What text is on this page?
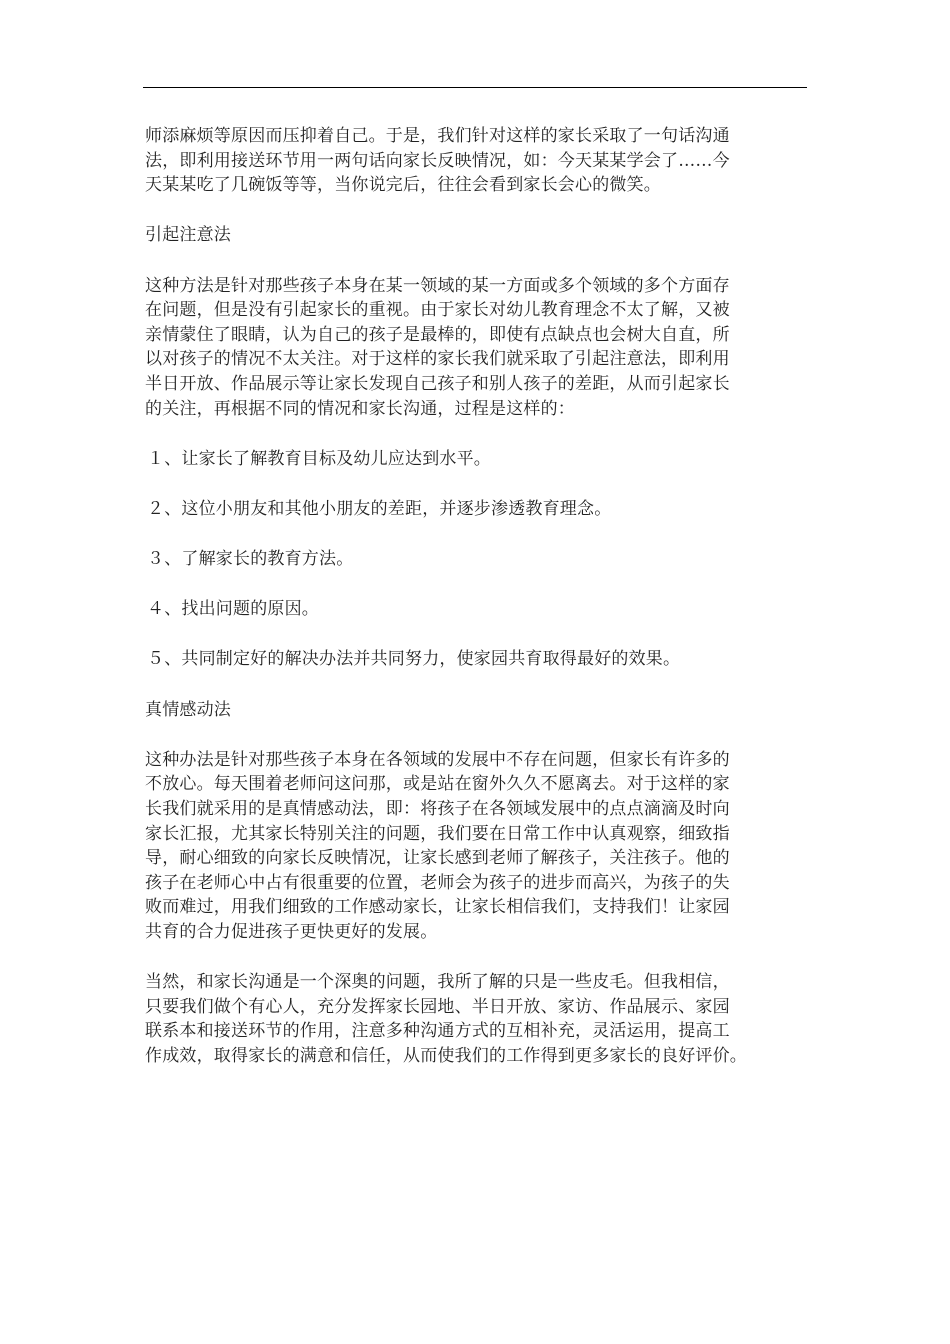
师添麻烦等原因而压抑着自己。于是，我们针对这样的家长采取了一句话沟通
法，即利用接送环节用一两句话向家长反映情况，如：今天某某学会了……今
天某某吃了几碗饭等等，当你说完后，往往会看到家长会心的微笑。
引起注意法
这种方法是针对那些孩子本身在某一领域的某一方面或多个领域的多个方面存
在问题，但是没有引起家长的重视。由于家长对幼儿教育理念不太了解，又被
亲情蒙住了眼睛，认为自己的孩子是最棒的，即使有点缺点也会树大自直，所
以对孩子的情况不太关注。对于这样的家长我们就采取了引起注意法，即利用
半日开放、作品展示等让家长发现自己孩子和别人孩子的差距，从而引起家长
的关注，再根据不同的情况和家长沟通，过程是这样的：
１、让家长了解教育目标及幼儿应达到水平。
２、这位小朋友和其他小朋友的差距，并逐步渗透教育理念。
３、了解家长的教育方法。
４、找出问题的原因。
５、共同制定好的解决办法并共同努力，使家园共育取得最好的效果。
真情感动法
这种办法是针对那些孩子本身在各领域的发展中不存在问题，但家长有许多的
不放心。每天围着老师问这问那，或是站在窗外久久不愿离去。对于这样的家
长我们就采用的是真情感动法，即：将孩子在各领域发展中的点点滴滴及时向
家长汇报，尤其家长特别关注的问题，我们要在日常工作中认真观察，细致指
导，耐心细致的向家长反映情况，让家长感到老师了解孩子，关注孩子。他的
孩子在老师心中占有很重要的位置，老师会为孩子的进步而高兴，为孩子的失
败而难过，用我们细致的工作感动家长，让家长相信我们，支持我们！让家园
共育的合力促进孩子更快更好的发展。
当然，和家长沟通是一个深奥的问题，我所了解的只是一些皮毛。但我相信，
只要我们做个有心人，充分发挥家长园地、半日开放、家访、作品展示、家园
联系本和接送环节的作用，注意多种沟通方式的互相补充，灵活运用，提高工
作成效，取得家长的满意和信任，从而使我们的工作得到更多家长的良好评价。
